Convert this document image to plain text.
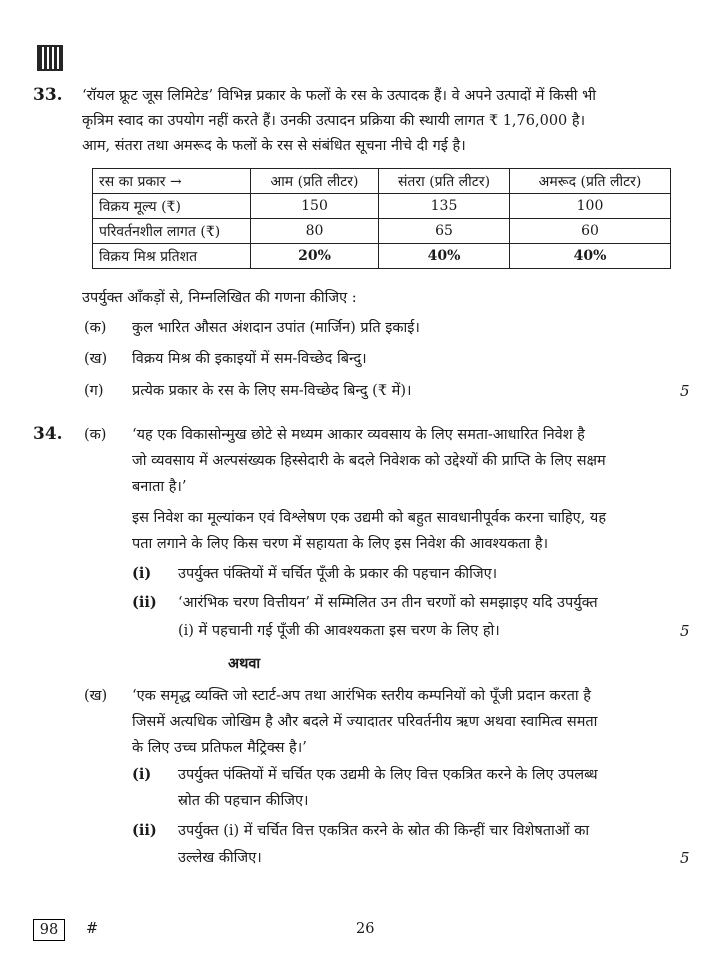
33. ‘रॉयल फ्रूट जूस लिमिटेड’ विभिन्न प्रकार के फलों के रस के उत्पादक हैं। वे अपने उत्पादों में किसी भी
कृत्रिम स्वाद का उपयोग नहीं करते हैं। उनकी उत्पादन प्रक्रिया की स्थायी लागत ₹ 1,76,000 है।
आम, संतरा तथा अमरूद के फलों के रस से संबंधित सूचना नीचे दी गई है।
रस का प्रकार →	आम (प्रति लीटर)	संतरा (प्रति लीटर)	अमरूद (प्रति लीटर)
विक्रय मूल्य (₹)	150	135	100
परिवर्तनशील लागत (₹)	80	65	60
विक्रय मिश्र प्रतिशत	20%	40%	40%
उपर्युक्त आँकड़ों से, निम्नलिखित की गणना कीजिए :
(क) कुल भारित औसत अंशदान उपांत (मार्जिन) प्रति इकाई।
(ख) विक्रय मिश्र की इकाइयों में सम-विच्छेद बिन्दु।
(ग) प्रत्येक प्रकार के रस के लिए सम-विच्छेद बिन्दु (₹ में)।	5
34. (क) ‘यह एक विकासोन्मुख छोटे से मध्यम आकार व्यवसाय के लिए समता-आधारित निवेश है
जो व्यवसाय में अल्पसंख्यक हिस्सेदारी के बदले निवेशक को उद्देश्यों की प्राप्ति के लिए सक्षम
बनाता है।’
इस निवेश का मूल्यांकन एवं विश्लेषण एक उद्यमी को बहुत सावधानीपूर्वक करना चाहिए, यह
पता लगाने के लिए किस चरण में सहायता के लिए इस निवेश की आवश्यकता है।
(i) उपर्युक्त पंक्तियों में चर्चित पूँजी के प्रकार की पहचान कीजिए।
(ii) ‘आरंभिक चरण वित्तीयन’ में सम्मिलित उन तीन चरणों को समझाइए यदि उपर्युक्त
(i) में पहचानी गई पूँजी की आवश्यकता इस चरण के लिए हो।	5
अथवा
(ख) ‘एक समृद्ध व्यक्ति जो स्टार्ट-अप तथा आरंभिक स्तरीय कम्पनियों को पूँजी प्रदान करता है
जिसमें अत्यधिक जोखिम है और बदले में ज्यादातर परिवर्तनीय ऋण अथवा स्वामित्व समता
के लिए उच्च प्रतिफल मैट्रिक्स है।’
(i) उपर्युक्त पंक्तियों में चर्चित एक उद्यमी के लिए वित्त एकत्रित करने के लिए उपलब्ध
स्रोत की पहचान कीजिए।
(ii) उपर्युक्त (i) में चर्चित वित्त एकत्रित करने के स्रोत की किन्हीं चार विशेषताओं का
उल्लेख कीजिए।	5
98	#	26
